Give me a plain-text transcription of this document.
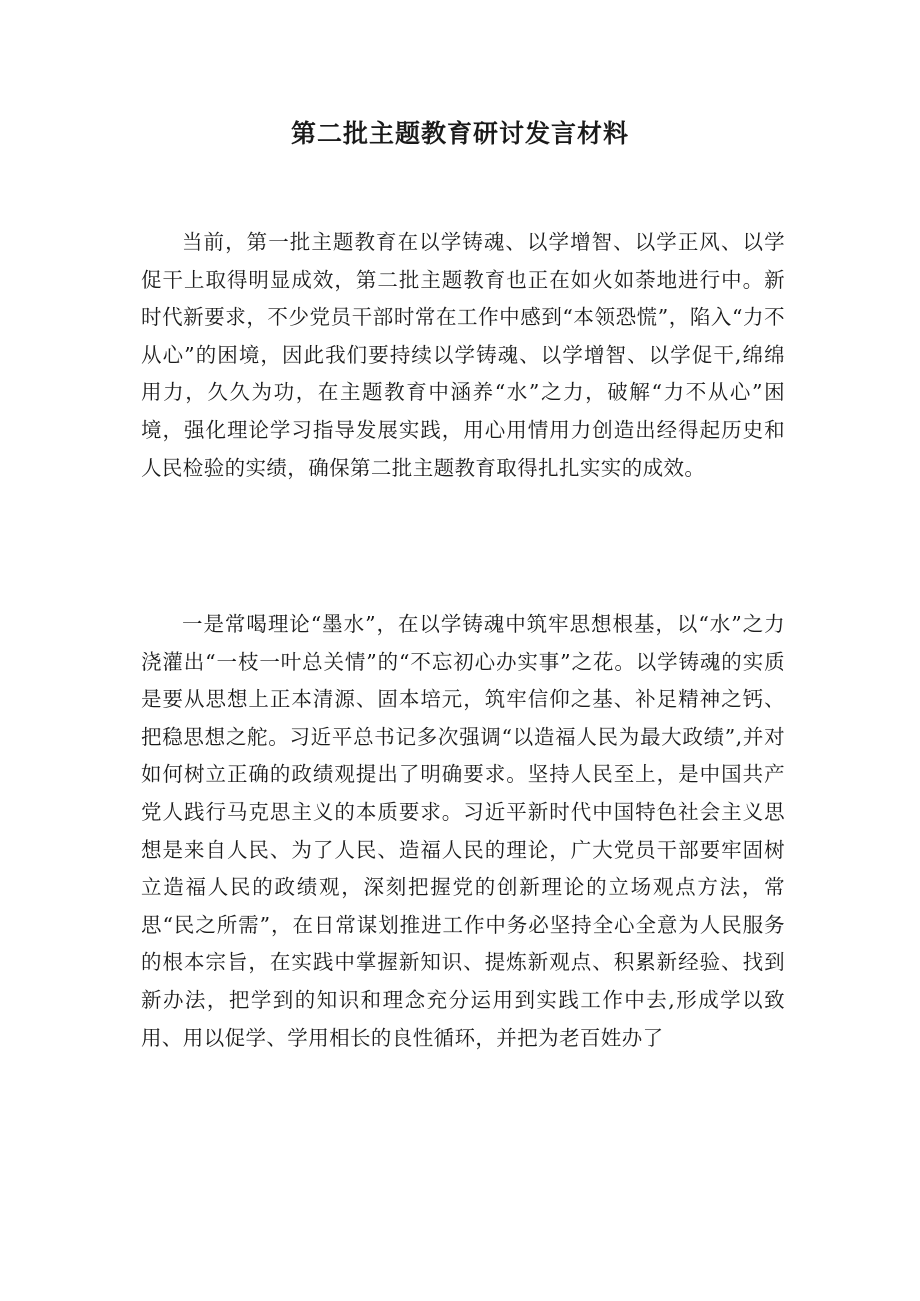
第二批主题教育研讨发言材料

当前，第一批主题教育在以学铸魂、以学增智、以学正风、以学促干上取得明显成效，第二批主题教育也正在如火如荼地进行中。新时代新要求，不少党员干部时常在工作中感到“本领恐慌”，陷入“力不从心”的困境，因此我们要持续以学铸魂、以学增智、以学促干,绵绵用力，久久为功，在主题教育中涵养“水”之力，破解“力不从心”困境，强化理论学习指导发展实践，用心用情用力创造出经得起历史和人民检验的实绩，确保第二批主题教育取得扎扎实实的成效。

一是常喝理论“墨水”，在以学铸魂中筑牢思想根基，以“水”之力浇灌出“一枝一叶总关情”的“不忘初心办实事”之花。以学铸魂的实质是要从思想上正本清源、固本培元，筑牢信仰之基、补足精神之钙、把稳思想之舵。习近平总书记多次强调“以造福人民为最大政绩”,并对如何树立正确的政绩观提出了明确要求。坚持人民至上，是中国共产党人践行马克思主义的本质要求。习近平新时代中国特色社会主义思想是来自人民、为了人民、造福人民的理论，广大党员干部要牢固树立造福人民的政绩观，深刻把握党的创新理论的立场观点方法，常思“民之所需”，在日常谋划推进工作中务必坚持全心全意为人民服务的根本宗旨，在实践中掌握新知识、提炼新观点、积累新经验、找到新办法，把学到的知识和理念充分运用到实践工作中去,形成学以致用、用以促学、学用相长的良性循环，并把为老百姓办了
